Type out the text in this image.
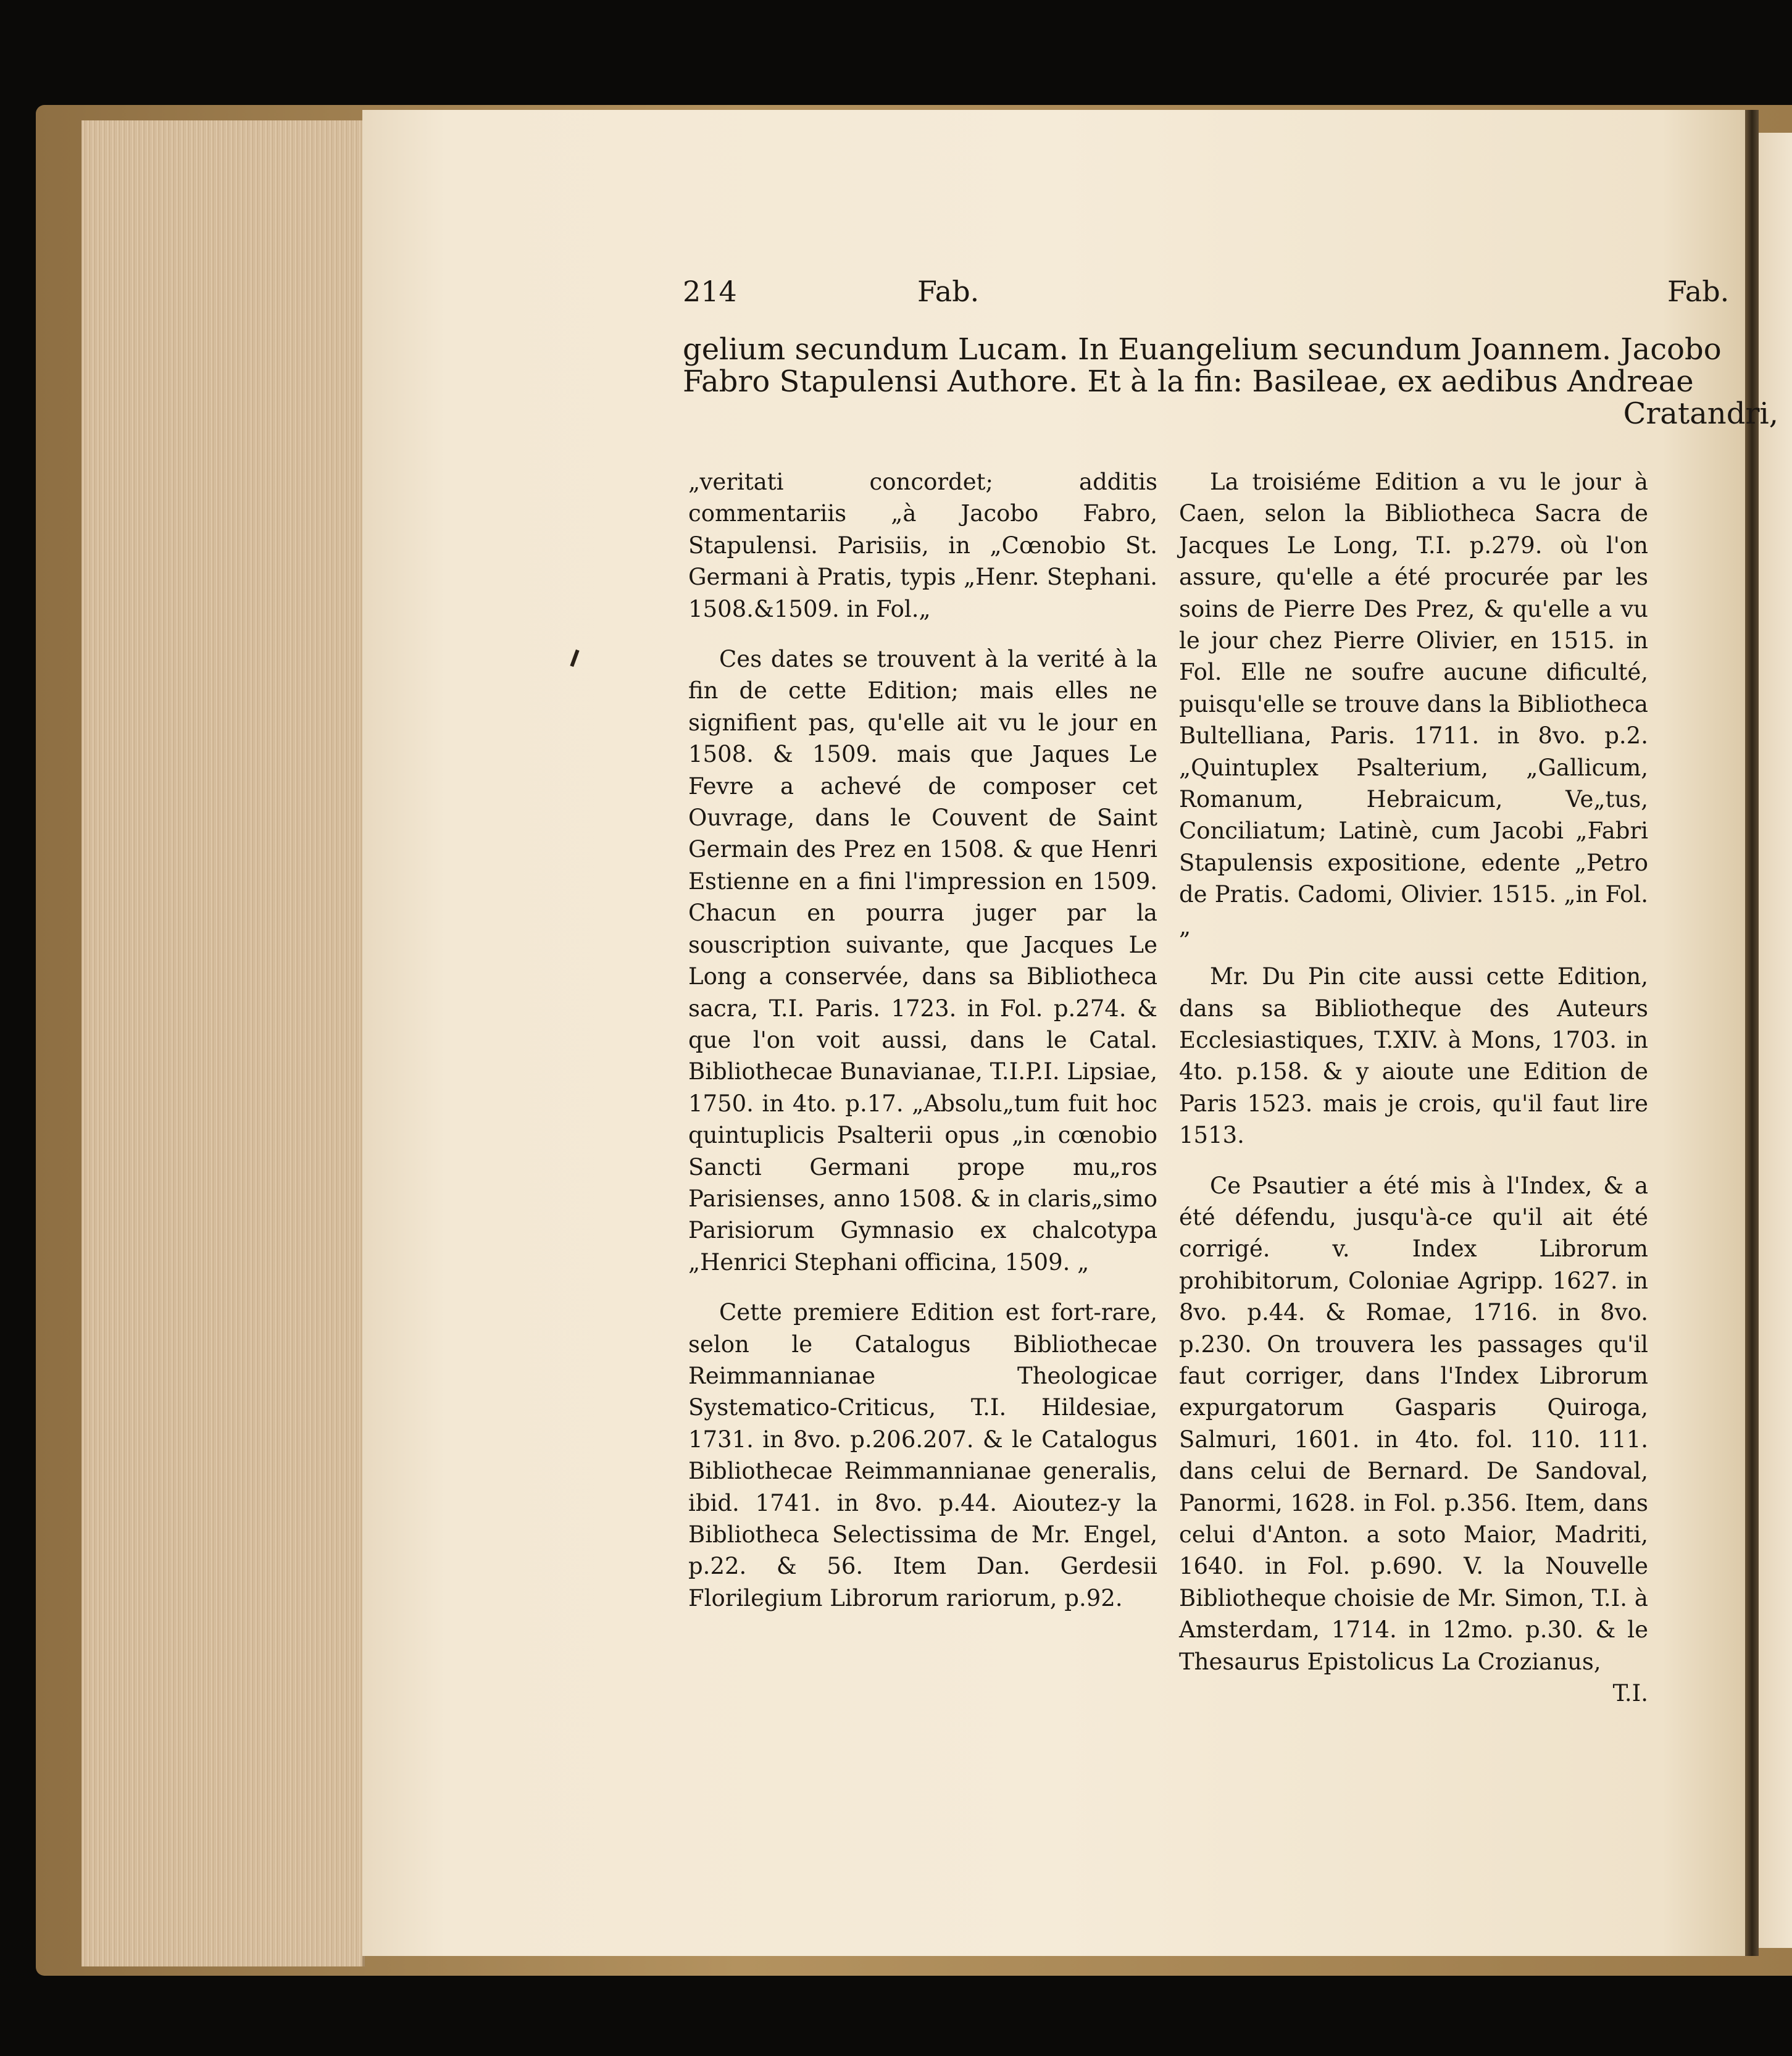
214	Fab.	Fab.
gelium secundum Lucam. In Euangelium secundum Joannem. Jacobo
Fabro Stapulensi Authore. Et à la fin: Basileae, ex aedibus Andreae
Cratandri,

„veritati concordet; additis commentariis „à Jacobo Fabro, Stapulensi. Parisiis, in „Cœnobio St. Germani à Pratis, typis „Henr. Stephani. 1508.&1509. in Fol.„

Ces dates se trouvent à la verité à la fin de cette Edition; mais elles ne signifient pas, qu'elle ait vu le jour en 1508. & 1509. mais que Jaques Le Fevre a achevé de composer cet Ouvrage, dans le Couvent de Saint Germain des Prez en 1508. & que Henri Estienne en a fini l'impression en 1509. Chacun en pourra juger par la souscription suivante, que Jacques Le Long a conservée, dans sa Bibliotheca sacra, T.I. Paris. 1723. in Fol. p.274. & que l'on voit aussi, dans le Catal. Bibliothecae Bunavianae, T.I.P.I. Lipsiae, 1750. in 4to. p.17. „Absolu„tum fuit hoc quintuplicis Psalterii opus „in cœnobio Sancti Germani prope mu„ros Parisienses, anno 1508. & in claris„simo Parisiorum Gymnasio ex chalcotypa „Henrici Stephani officina, 1509. „

Cette premiere Edition est fort-rare, selon le Catalogus Bibliothecae Reimmannianae Theologicae Systematico-Criticus, T.I. Hildesiae, 1731. in 8vo. p.206.207. & le Catalogus Bibliothecae Reimmannianae generalis, ibid. 1741. in 8vo. p.44. Aioutez-y la Bibliotheca Selectissima de Mr. Engel, p.22. & 56. Item Dan. Gerdesii Florilegium Librorum rariorum, p.92.

La troisiéme Edition a vu le jour à Caen, selon la Bibliotheca Sacra de Jacques Le Long, T.I. p.279. où l'on assure, qu'elle a été procurée par les soins de Pierre Des Prez, & qu'elle a vu le jour chez Pierre Olivier, en 1515. in Fol. Elle ne soufre aucune dificulté, puisqu'elle se trouve dans la Bibliotheca Bultelliana, Paris. 1711. in 8vo. p.2. „Quintuplex Psalterium, „Gallicum, Romanum, Hebraicum, Ve„tus, Conciliatum; Latinè, cum Jacobi „Fabri Stapulensis expositione, edente „Petro de Pratis. Cadomi, Olivier. 1515. „in Fol. „

Mr. Du Pin cite aussi cette Edition, dans sa Bibliotheque des Auteurs Ecclesiastiques, T.XIV. à Mons, 1703. in 4to. p.158. & y aioute une Edition de Paris 1523. mais je crois, qu'il faut lire 1513.

Ce Psautier a été mis à l'Index, & a été défendu, jusqu'à-ce qu'il ait été corrigé. v. Index Librorum prohibitorum, Coloniae Agripp. 1627. in 8vo. p.44. & Romae, 1716. in 8vo. p.230. On trouvera les passages qu'il faut corriger, dans l'Index Librorum expurgatorum Gasparis Quiroga, Salmuri, 1601. in 4to. fol. 110. 111. dans celui de Bernard. De Sandoval, Panormi, 1628. in Fol. p.356. Item, dans celui d'Anton. a soto Maior, Madriti, 1640. in Fol. p.690. V. la Nouvelle Bibliotheque choisie de Mr. Simon, T.I. à Amsterdam, 1714. in 12mo. p.30. & le Thesaurus Epistolicus La Crozianus,

T.I.
